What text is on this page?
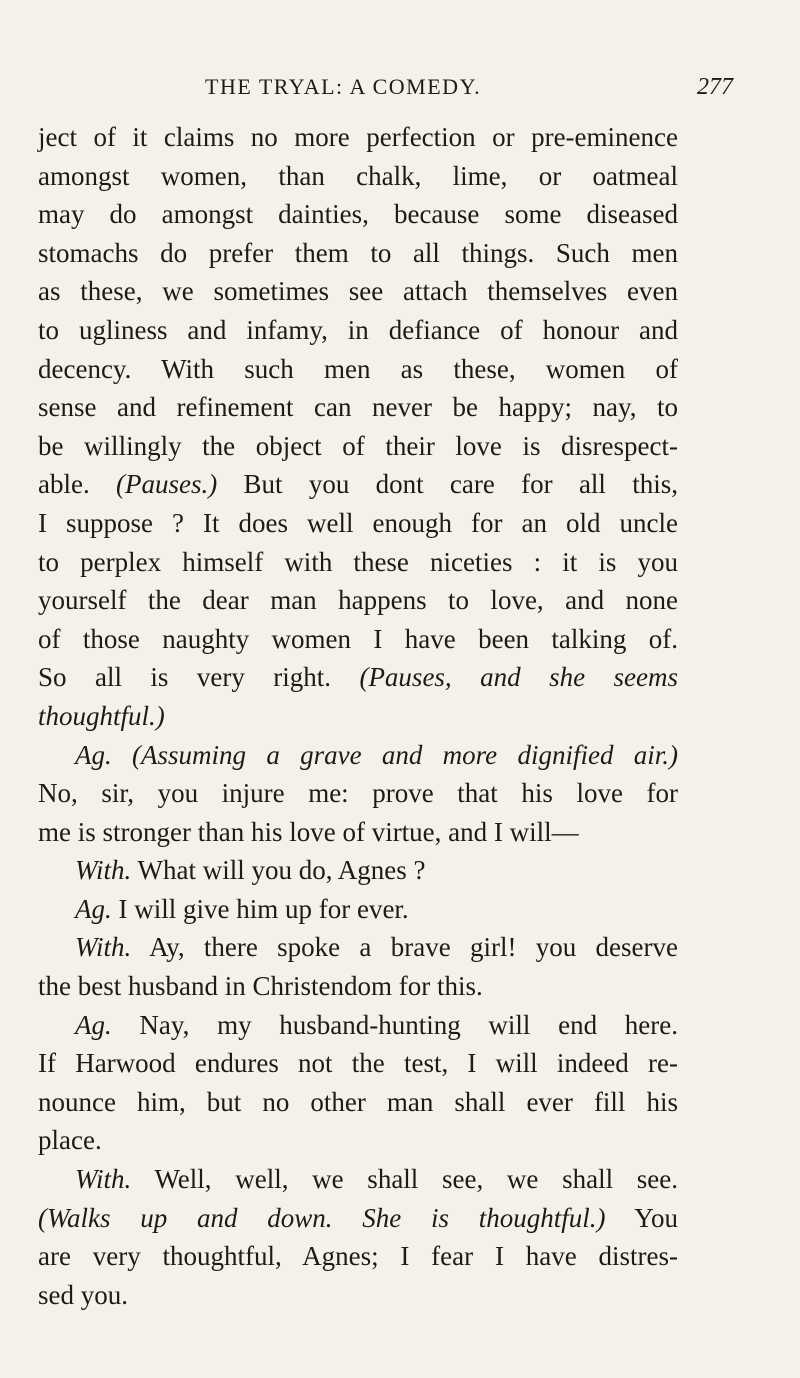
THE TRYAL: A COMEDY.	277
ject of it claims no more perfection or pre-eminence
amongst women, than chalk, lime, or oatmeal
may do amongst dainties, because some diseased
stomachs do prefer them to all things. Such men
as these, we sometimes see attach themselves even
to ugliness and infamy, in defiance of honour and
decency. With such men as these, women of
sense and refinement can never be happy; nay, to
be willingly the object of their love is disrespect-
able. (Pauses.) But you dont care for all this,
I suppose ? It does well enough for an old uncle
to perplex himself with these niceties : it is you
yourself the dear man happens to love, and none
of those naughty women I have been talking of.
So all is very right. (Pauses, and she seems
thoughtful.)
Ag. (Assuming a grave and more dignified air.)
No, sir, you injure me: prove that his love for
me is stronger than his love of virtue, and I will—
With. What will you do, Agnes ?
Ag. I will give him up for ever.
With. Ay, there spoke a brave girl! you deserve
the best husband in Christendom for this.
Ag. Nay, my husband-hunting will end here.
If Harwood endures not the test, I will indeed re-
nounce him, but no other man shall ever fill his
place.
With. Well, well, we shall see, we shall see.
(Walks up and down. She is thoughtful.) You
are very thoughtful, Agnes; I fear I have distres-
sed you.
